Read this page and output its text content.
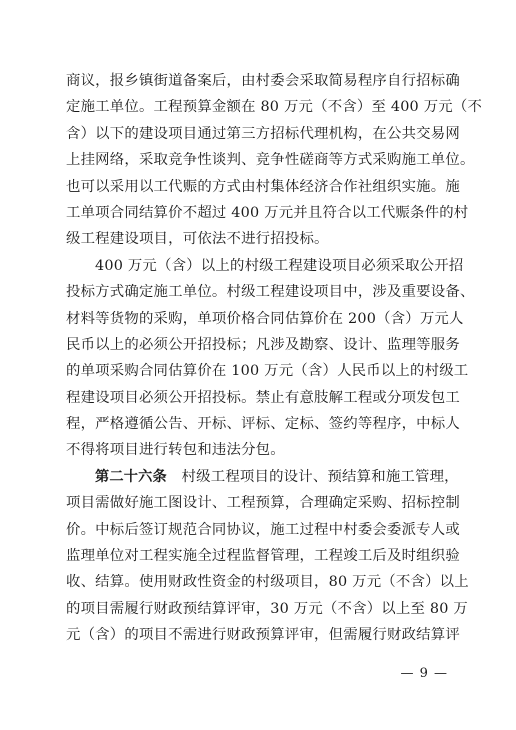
商议，报乡镇街道备案后，由村委会采取简易程序自行招标确
定施工单位。工程预算金额在 80 万元（不含）至 400 万元（不
含）以下的建设项目通过第三方招标代理机构，在公共交易网
上挂网络，采取竞争性谈判、竞争性磋商等方式采购施工单位。
也可以采用以工代赈的方式由村集体经济合作社组织实施。施
工单项合同结算价不超过 400 万元并且符合以工代赈条件的村
级工程建设项目，可依法不进行招投标。
400 万元（含）以上的村级工程建设项目必须采取公开招
投标方式确定施工单位。村级工程建设项目中，涉及重要设备、
材料等货物的采购，单项价格合同估算价在 200（含）万元人
民币以上的必须公开招投标；凡涉及勘察、设计、监理等服务
的单项采购合同估算价在 100 万元（含）人民币以上的村级工
程建设项目必须公开招投标。禁止有意肢解工程或分项发包工
程，严格遵循公告、开标、评标、定标、签约等程序，中标人
不得将项目进行转包和违法分包。
第二十六条　 村级工程项目的设计、预结算和施工管理，
项目需做好施工图设计、工程预算，合理确定采购、招标控制
价。中标后签订规范合同协议，施工过程中村委会委派专人或
监理单位对工程实施全过程监督管理，工程竣工后及时组织验
收、结算。使用财政性资金的村级项目，80 万元（不含）以上
的项目需履行财政预结算评审，30 万元（不含）以上至 80 万
元（含）的项目不需进行财政预算评审，但需履行财政结算评
— 9 —
